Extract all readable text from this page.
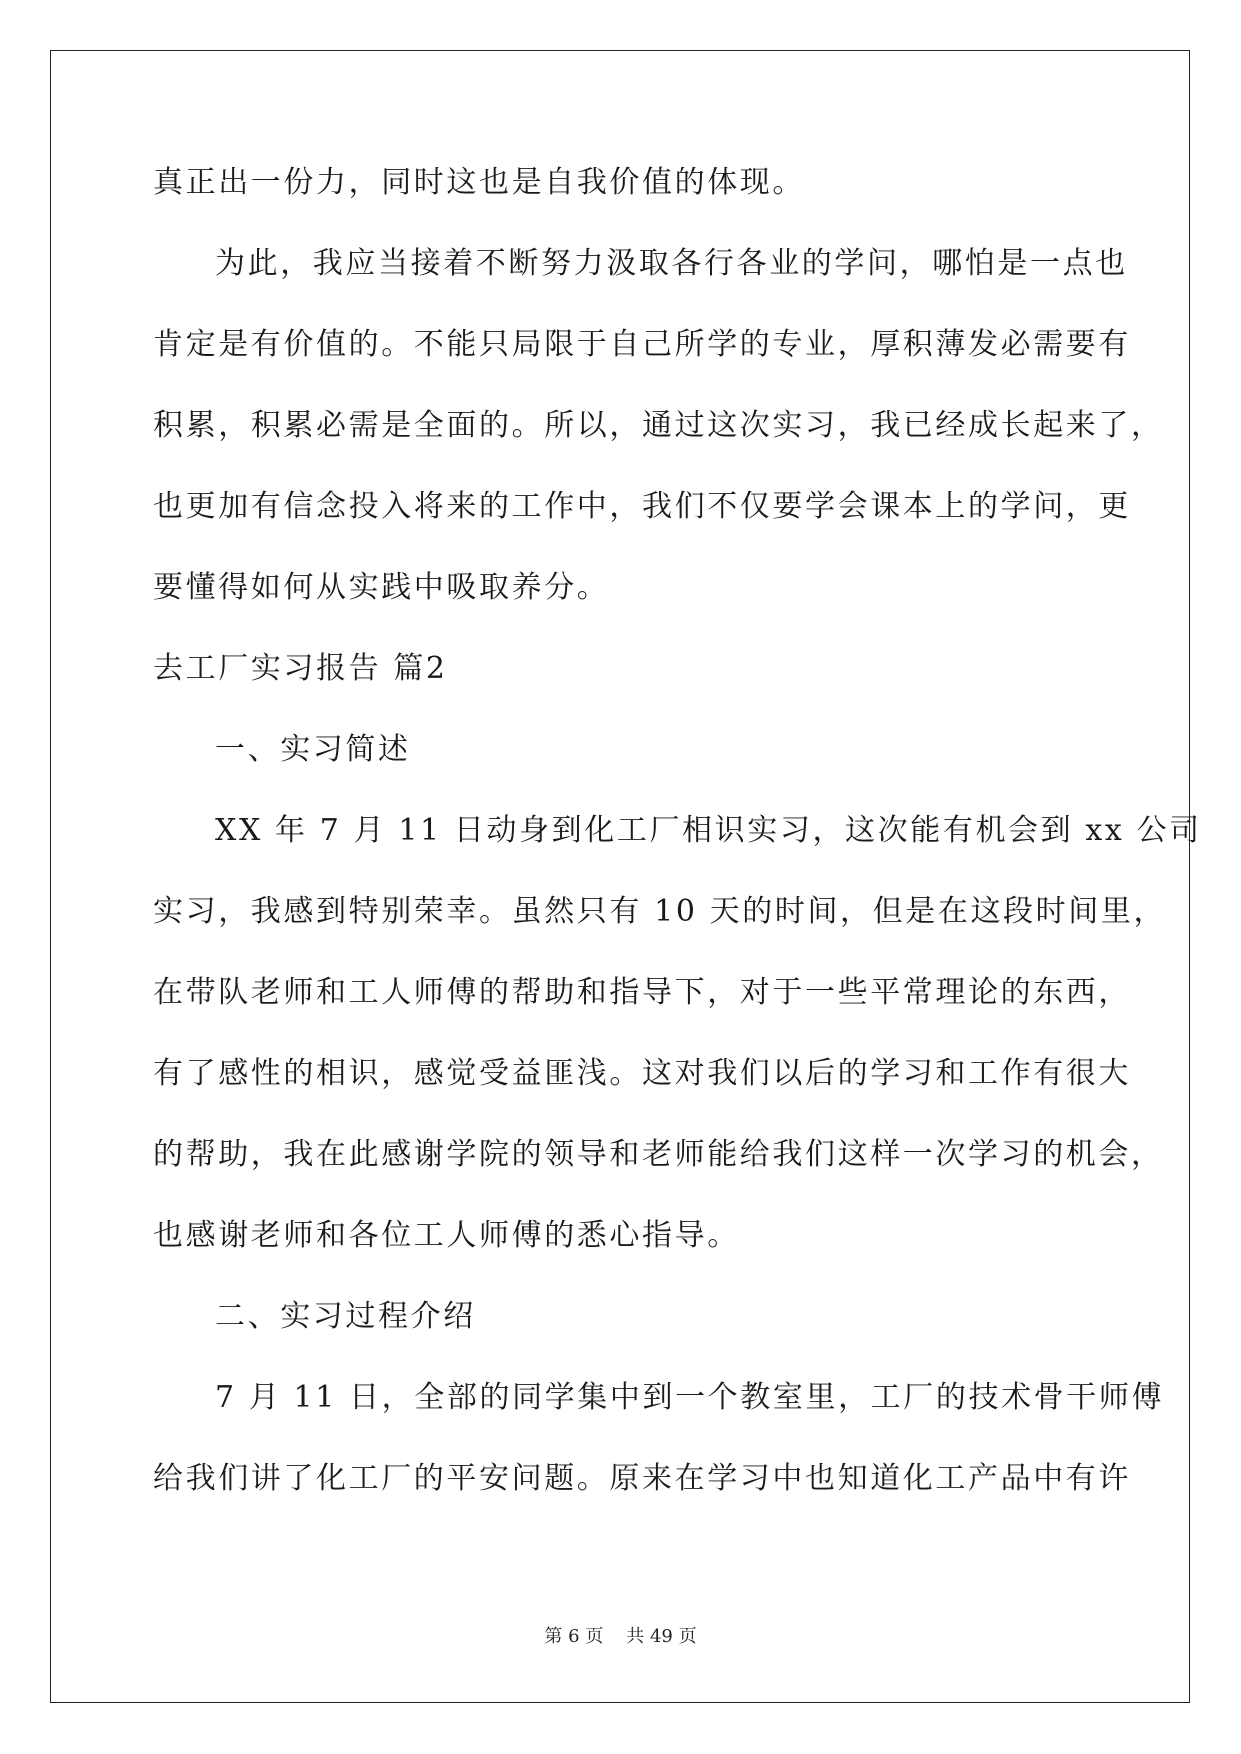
真正出一份力，同时这也是自我价值的体现。
为此，我应当接着不断努力汲取各行各业的学问，哪怕是一点也
肯定是有价值的。不能只局限于自己所学的专业，厚积薄发必需要有
积累，积累必需是全面的。所以，通过这次实习，我已经成长起来了，
也更加有信念投入将来的工作中，我们不仅要学会课本上的学问，更
要懂得如何从实践中吸取养分。
去工厂实习报告 篇2
一、实习简述
XX 年 7 月 11 日动身到化工厂相识实习，这次能有机会到 xx 公司
实习，我感到特别荣幸。虽然只有 10 天的时间，但是在这段时间里，
在带队老师和工人师傅的帮助和指导下，对于一些平常理论的东西，
有了感性的相识，感觉受益匪浅。这对我们以后的学习和工作有很大
的帮助，我在此感谢学院的领导和老师能给我们这样一次学习的机会，
也感谢老师和各位工人师傅的悉心指导。
二、实习过程介绍
7 月 11 日，全部的同学集中到一个教室里，工厂的技术骨干师傅
给我们讲了化工厂的平安问题。原来在学习中也知道化工产品中有许
第 6 页 共 49 页
